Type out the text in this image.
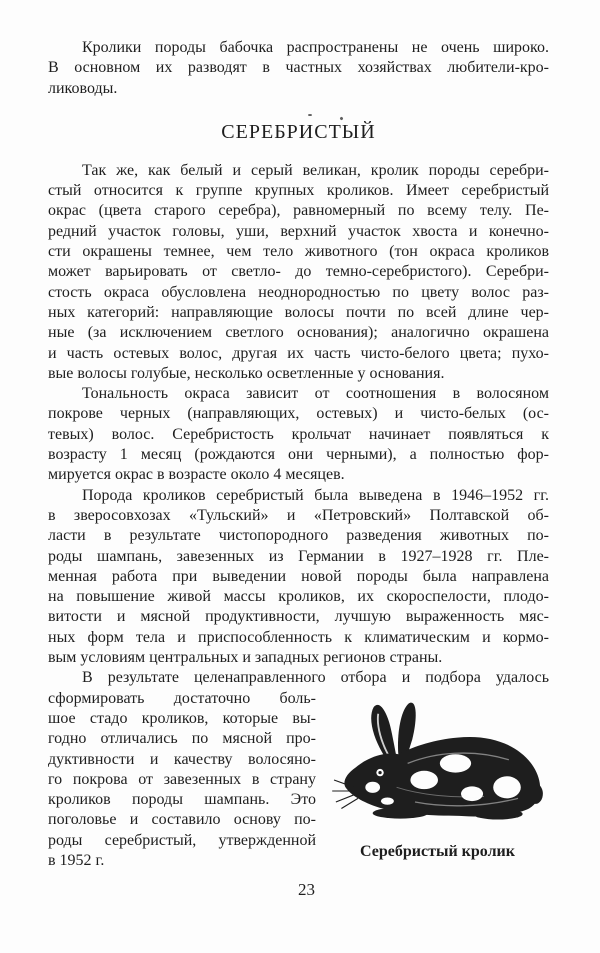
Кролики породы бабочка распространены не очень широко.
В основном их разводят в частных хозяйствах любители-кро-
лиководы.
СЕРЕБРИСТЫЙ
Так же, как белый и серый великан, кролик породы серебри-
стый относится к группе крупных кроликов. Имеет серебристый
окрас (цвета старого серебра), равномерный по всему телу. Пе-
редний участок головы, уши, верхний участок хвоста и конечно-
сти окрашены темнее, чем тело животного (тон окраса кроликов
может варьировать от светло- до темно-серебристого). Серебри-
стость окраса обусловлена неоднородностью по цвету волос раз-
ных категорий: направляющие волосы почти по всей длине чер-
ные (за исключением светлого основания); аналогично окрашена
и часть остевых волос, другая их часть чисто-белого цвета; пухо-
вые волосы голубые, несколько осветленные у основания.
Тональность окраса зависит от соотношения в волосяном
покрове черных (направляющих, остевых) и чисто-белых (ос-
тевых) волос. Серебристость крольчат начинает появляться к
возрасту 1 месяц (рождаются они черными), а полностью фор-
мируется окрас в возрасте около 4 месяцев.
Порода кроликов серебристый была выведена в 1946–1952 гг.
в зверосовхозах «Тульский» и «Петровский» Полтавской об-
ласти в результате чистопородного разведения животных по-
роды шампань, завезенных из Германии в 1927–1928 гг. Пле-
менная работа при выведении новой породы была направлена
на повышение живой массы кроликов, их скороспелости, плодо-
витости и мясной продуктивности, лучшую выраженность мяс-
ных форм тела и приспособленность к климатическим и кормо-
вым условиям центральных и западных регионов страны.
В результате целенаправленного отбора и подбора удалось
сформировать достаточно боль-
шое стадо кроликов, которые вы-
годно отличались по мясной про-
дуктивности и качеству волосяно-
го покрова от завезенных в страну
кроликов породы шампань. Это
поголовье и составило основу по-
роды серебристый, утвержденной
в 1952 г.
Серебристый кролик
23
